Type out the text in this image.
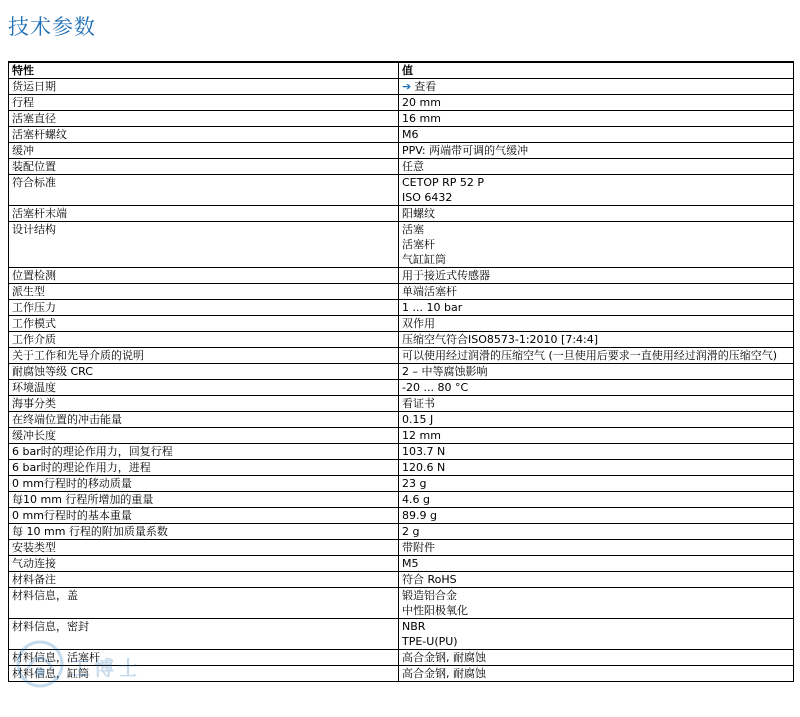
技术参数
特性	值
货运日期	➔ 查看

行程	20 mm

活塞直径	16 mm

活塞杆螺纹	M6

缓冲	PPV: 两端带可调的气缓冲

装配位置	任意

符合标准	CETOP RP 52 P
ISO 6432

活塞杆末端	阳螺纹

设计结构	活塞
活塞杆
气缸缸筒

位置检测	用于接近式传感器

派生型	单端活塞杆

工作压力	1 ... 10 bar

工作模式	双作用

工作介质	压缩空气符合ISO8573-1:2010 [7:4:4]

关于工作和先导介质的说明	可以使用经过润滑的压缩空气 (一旦使用后要求一直使用经过润滑的压缩空气)

耐腐蚀等级 CRC	2 – 中等腐蚀影响

环境温度	-20 ... 80 °C

海事分类	看证书

在终端位置的冲击能量	0.15 J

缓冲长度	12 mm

6 bar时的理论作用力，回复行程	103.7 N

6 bar时的理论作用力，进程	120.6 N

0 mm行程时的移动质量	23 g

每10 mm 行程所增加的重量	4.6 g

0 mm行程时的基本重量	89.9 g

每 10 mm 行程的附加质量系数	2 g

安装类型	带附件

气动连接	M5

材料备注	符合 RoHS

材料信息，盖	锻造铝合金
中性阳极氧化

材料信息，密封	NBR
TPE-U(PU)

材料信息，活塞杆	高合金钢, 耐腐蚀

材料信息，缸筒	高合金钢, 耐腐蚀
工博士
